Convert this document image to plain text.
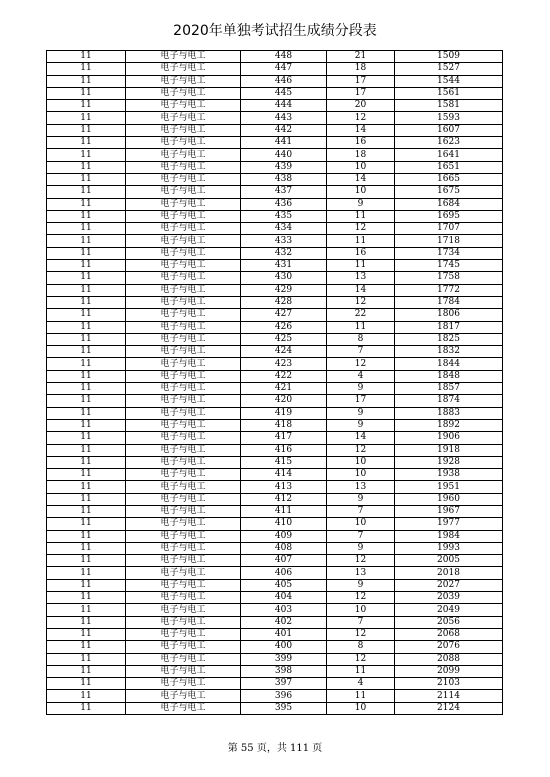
2020年单独考试招生成绩分段表
11	电子与电工	448	21	1509
11	电子与电工	447	18	1527
11	电子与电工	446	17	1544
11	电子与电工	445	17	1561
11	电子与电工	444	20	1581
11	电子与电工	443	12	1593
11	电子与电工	442	14	1607
11	电子与电工	441	16	1623
11	电子与电工	440	18	1641
11	电子与电工	439	10	1651
11	电子与电工	438	14	1665
11	电子与电工	437	10	1675
11	电子与电工	436	9	1684
11	电子与电工	435	11	1695
11	电子与电工	434	12	1707
11	电子与电工	433	11	1718
11	电子与电工	432	16	1734
11	电子与电工	431	11	1745
11	电子与电工	430	13	1758
11	电子与电工	429	14	1772
11	电子与电工	428	12	1784
11	电子与电工	427	22	1806
11	电子与电工	426	11	1817
11	电子与电工	425	8	1825
11	电子与电工	424	7	1832
11	电子与电工	423	12	1844
11	电子与电工	422	4	1848
11	电子与电工	421	9	1857
11	电子与电工	420	17	1874
11	电子与电工	419	9	1883
11	电子与电工	418	9	1892
11	电子与电工	417	14	1906
11	电子与电工	416	12	1918
11	电子与电工	415	10	1928
11	电子与电工	414	10	1938
11	电子与电工	413	13	1951
11	电子与电工	412	9	1960
11	电子与电工	411	7	1967
11	电子与电工	410	10	1977
11	电子与电工	409	7	1984
11	电子与电工	408	9	1993
11	电子与电工	407	12	2005
11	电子与电工	406	13	2018
11	电子与电工	405	9	2027
11	电子与电工	404	12	2039
11	电子与电工	403	10	2049
11	电子与电工	402	7	2056
11	电子与电工	401	12	2068
11	电子与电工	400	8	2076
11	电子与电工	399	12	2088
11	电子与电工	398	11	2099
11	电子与电工	397	4	2103
11	电子与电工	396	11	2114
11	电子与电工	395	10	2124
第 55 页，共 111 页
